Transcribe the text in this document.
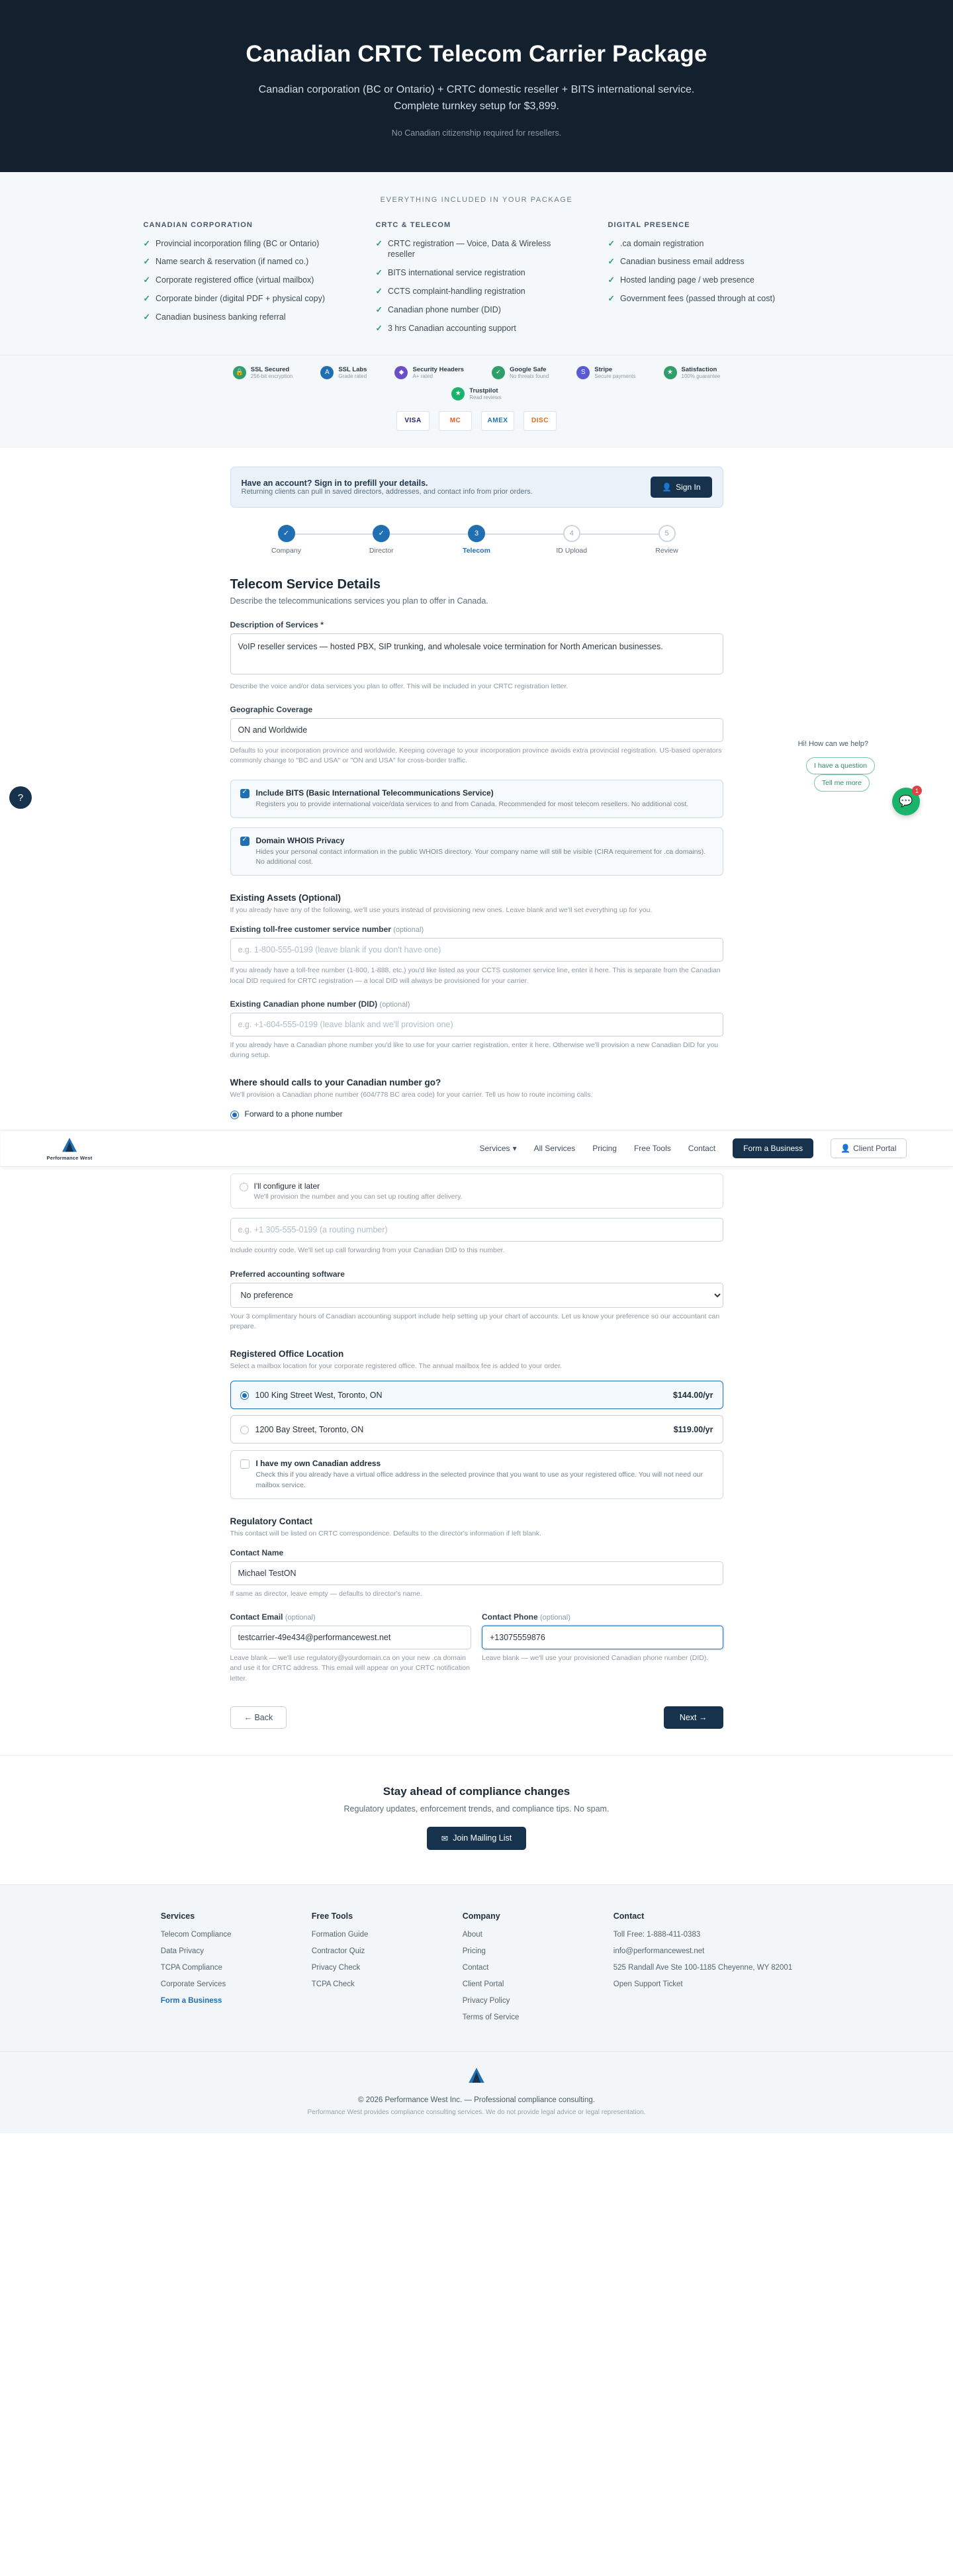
Canadian CRTC Telecom Carrier Package
Canadian corporation (BC or Ontario) + CRTC domestic reseller + BITS international service. Complete turnkey setup for $3,899.
No Canadian citizenship required for resellers.
EVERYTHING INCLUDED IN YOUR PACKAGE
CANADIAN CORPORATION
✓ Provincial incorporation filing (BC or Ontario)
✓ Name search & reservation (if named co.)
✓ Corporate registered office (virtual mailbox)
✓ Corporate binder (digital PDF + physical copy)
✓ Canadian business banking referral
CRTC & TELECOM
✓ CRTC registration — Voice, Data & Wireless reseller
✓ BITS international service registration
✓ CCTS complaint-handling registration
✓ Canadian phone number (DID)
✓ 3 hrs Canadian accounting support
DIGITAL PRESENCE
✓ .ca domain registration
✓ Canadian business email address
✓ Hosted landing page / web presence
✓ Government fees (passed through at cost)
🔒	SSL Secured
256-bit encryption	A	SSL Labs
Grade rated	◆	Security Headers
A+ rated	✓	Google Safe
No threats found	S	Stripe
Secure payments	★	Satisfaction
100% guarantee
★	Trustpilot
Read reviews
VISA	MC	AMEX	DISC
Have an account? Sign in to prefill your details.
Returning clients can pull in saved directors, addresses, and contact info from prior orders.	👤 Sign In
✓
Company
✓
Director
3
Telecom
4
ID Upload
5
Review
Telecom Service Details

Describe the telecommunications services you plan to offer in Canada.

Description of Services *
VoIP reseller services — hosted PBX, SIP trunking, and wholesale voice termination for North American businesses.
Describe the voice and/or data services you plan to offer. This will be included in your CRTC registration letter.
Geographic Coverage
ON and Worldwide
Defaults to your incorporation province and worldwide. Keeping coverage to your incorporation province avoids extra provincial registration. US-based operators commonly change to "BC and USA" or "ON and USA" for cross-border traffic.
✓
Include BITS (Basic International Telecommunications Service)
Registers you to provide international voice/data services to and from Canada. Recommended for most telecom resellers. No additional cost.
✓
Domain WHOIS Privacy
Hides your personal contact information in the public WHOIS directory. Your company name will still be visible (CIRA requirement for .ca domains). No additional cost.
Existing Assets (Optional)

If you already have any of the following, we'll use yours instead of provisioning new ones. Leave blank and we'll set everything up for you.

Existing toll-free customer service number (optional)
e.g. 1-800-555-0199 (leave blank if you don't have one)
If you already have a toll-free number (1-800, 1-888, etc.) you'd like listed as your CCTS customer service line, enter it here. This is separate from the Canadian local DID required for CRTC registration — a local DID will always be provisioned for your carrier.
Existing Canadian phone number (DID) (optional)
e.g. +1-604-555-0199 (leave blank and we'll provision one)
If you already have a Canadian phone number you'd like to use for your carrier registration, enter it here. Otherwise we'll provision a new Canadian DID for you during setup.
Where should calls to your Canadian number go?

We'll provision a Canadian phone number (604/778 BC area code) for your carrier. Tell us how to route incoming calls.

Forward to a phone number
Performance West
Services ▾ All Services Pricing Free Tools Contact	Form a Business	👤 Client Portal
I'll configure it later
We'll provision the number and you can set up routing after delivery.
e.g. +1 305-555-0199 (a routing number)
Include country code. We'll set up call forwarding from your Canadian DID to this number.
Preferred accounting software
No preference
Your 3 complimentary hours of Canadian accounting support include help setting up your chart of accounts. Let us know your preference so our accountant can prepare.
Registered Office Location

Select a mailbox location for your corporate registered office. The annual mailbox fee is added to your order.

100 King Street West, Toronto, ON	$144.00/yr
1200 Bay Street, Toronto, ON	$119.00/yr
I have my own Canadian address
Check this if you already have a virtual office address in the selected province that you want to use as your registered office. You will not need our mailbox service.
Regulatory Contact

This contact will be listed on CRTC correspondence. Defaults to the director's information if left blank.

Contact Name
Michael TestON
If same as director, leave empty — defaults to director's name.
Contact Email (optional)
testcarrier-49e434@performancewest.net
Leave blank — we'll use regulatory@yourdomain.ca on your new .ca domain and use it for CRTC address. This email will appear on your CRTC notification letter.
Contact Phone (optional)
+13075559876
Leave blank — we'll use your provisioned Canadian phone number (DID).
← Back	Next →
Stay ahead of compliance changes

Regulatory updates, enforcement trends, and compliance tips. No spam.

✉ Join Mailing List
Services
Telecom Compliance
Data Privacy
TCPA Compliance
Corporate Services
Form a Business
Free Tools
Formation Guide
Contractor Quiz
Privacy Check
TCPA Check
Company
About
Pricing
Contact
Client Portal
Privacy Policy
Terms of Service
Contact
Toll Free: 1-888-411-0383
info@performancewest.net
525 Randall Ave Ste 100-1185 Cheyenne, WY 82001
Open Support Ticket
© 2026 Performance West Inc. — Professional compliance consulting.
Performance West provides compliance consulting services. We do not provide legal advice or legal representation.
Hi! How can we help?
I have a question
Tell me more
💬
1
?
